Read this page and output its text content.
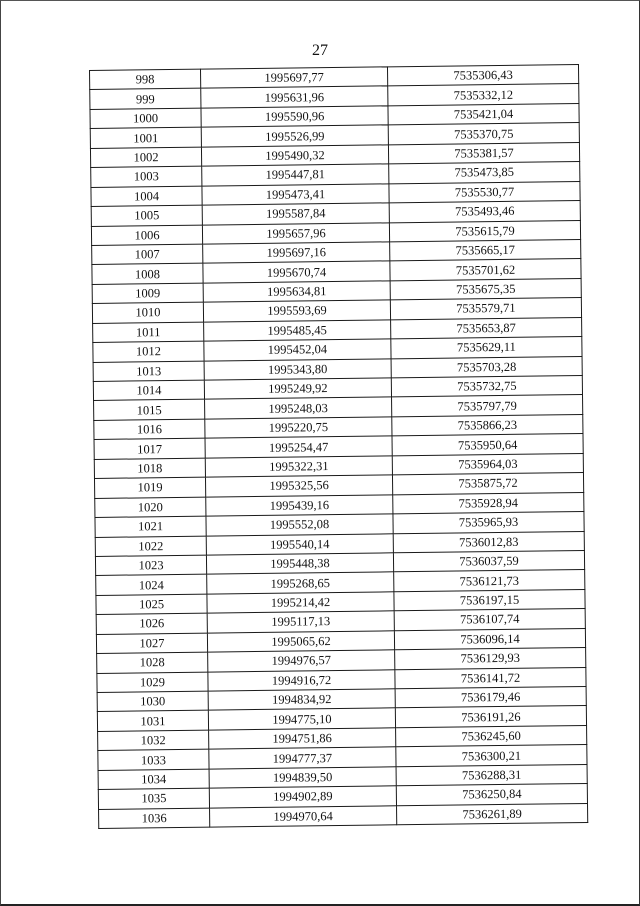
27
998	1995697,77	7535306,43
999	1995631,96	7535332,12
1000	1995590,96	7535421,04
1001	1995526,99	7535370,75
1002	1995490,32	7535381,57
1003	1995447,81	7535473,85
1004	1995473,41	7535530,77
1005	1995587,84	7535493,46
1006	1995657,96	7535615,79
1007	1995697,16	7535665,17
1008	1995670,74	7535701,62
1009	1995634,81	7535675,35
1010	1995593,69	7535579,71
1011	1995485,45	7535653,87
1012	1995452,04	7535629,11
1013	1995343,80	7535703,28
1014	1995249,92	7535732,75
1015	1995248,03	7535797,79
1016	1995220,75	7535866,23
1017	1995254,47	7535950,64
1018	1995322,31	7535964,03
1019	1995325,56	7535875,72
1020	1995439,16	7535928,94
1021	1995552,08	7535965,93
1022	1995540,14	7536012,83
1023	1995448,38	7536037,59
1024	1995268,65	7536121,73
1025	1995214,42	7536197,15
1026	1995117,13	7536107,74
1027	1995065,62	7536096,14
1028	1994976,57	7536129,93
1029	1994916,72	7536141,72
1030	1994834,92	7536179,46
1031	1994775,10	7536191,26
1032	1994751,86	7536245,60
1033	1994777,37	7536300,21
1034	1994839,50	7536288,31
1035	1994902,89	7536250,84
1036	1994970,64	7536261,89
